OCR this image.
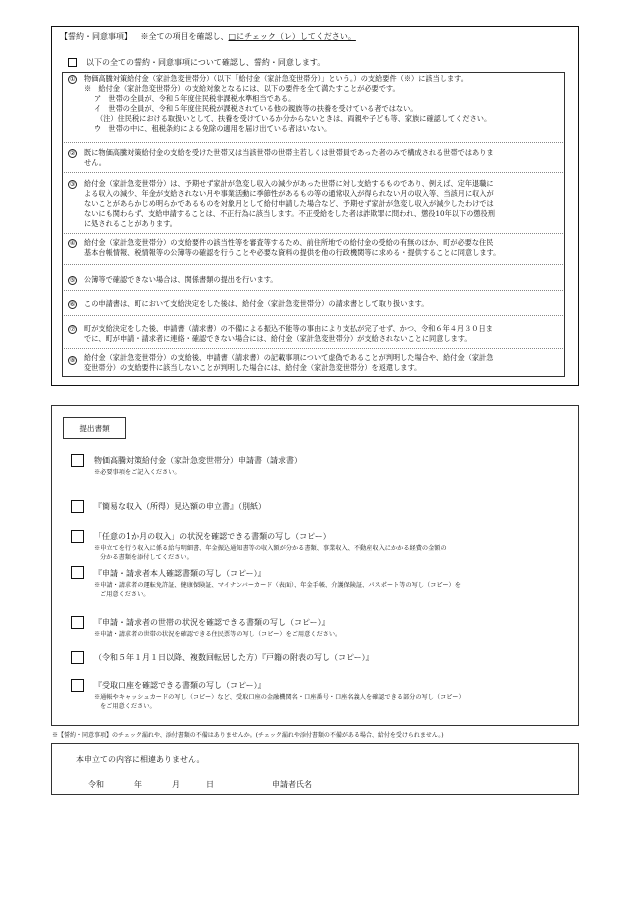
【誓約・同意事項】 ※全ての項目を確認し、□にチェック（レ）してください。
以下の全ての誓約・同意事項について確認し、誓約・同意します。
① 物価高騰対策給付金（家計急変世帯分）（以下「給付金（家計急変世帯分）」という。）の支給要件（※）に該当します。
※　給付金（家計急変世帯分）の支給対象となるには、以下の要件を全て満たすことが必要です。
ア　世帯の全員が、令和５年度住民税非課税水準相当である。
イ　世帯の全員が、令和５年度住民税が課税されている他の親族等の扶養を受けている者ではない。
（注）住民税における取扱いとして、扶養を受けているか分からないときは、両親や子ども等、家族に確認してください。
ウ　世帯の中に、租税条約による免除の適用を届け出ている者はいない。
② 既に物価高騰対策給付金の支給を受けた世帯又は当該世帯の世帯主若しくは世帯員であった者のみで構成される世帯ではありま
せん。
③ 給付金（家計急変世帯分）は、予期せず家計が急変し収入の減少があった世帯に対し支給するものであり、例えば、定年退職に
よる収入の減少、年金が支給されない月や事業活動に季節性があるもの等の通常収入が得られない月の収入等、当該月に収入が
ないことがあらかじめ明らかであるものを対象月として給付申請した場合など、予期せず家計が急変し収入が減少したわけでは
ないにも関わらず、支給申請することは、不正行為に該当します。不正受給をした者は詐欺罪に問われ、懲役10年以下の懲役刑
に処されることがあります。
④ 給付金（家計急変世帯分）の支給要件の該当性等を審査等するため、前住所地での給付金の受給の有無のほか、町が必要な住民
基本台帳情報、税情報等の公簿等の確認を行うことや必要な資料の提供を他の行政機関等に求める・提供することに同意します。
⑤ 公簿等で確認できない場合は、関係書類の提出を行います。
⑥ この申請書は、町において支給決定をした後は、給付金（家計急変世帯分）の請求書として取り扱います。
⑦ 町が支給決定をした後、申請書（請求書）の不備による振込不能等の事由により支払が完了せず、かつ、令和６年４月３０日ま
でに、町が申請・請求者に連絡・確認できない場合には、給付金（家計急変世帯分）が支給されないことに同意します。
⑧ 給付金（家計急変世帯分）の支給後、申請書（請求書）の記載事項について虚偽であることが判明した場合や、給付金（家計急
変世帯分）の支給要件に該当しないことが判明した場合には、給付金（家計急変世帯分）を返還します。
提出書類
物価高騰対策給付金（家計急変世帯分）申請書（請求書）
※必要事項をご記入ください。
『簡易な収入（所得）見込額の申立書』（別紙）
「任意の1か月の収入」の状況を確認できる書類の写し（コピー）
※申立てを行う収入に係る給与明細書、年金振込通知書等の収入額が分かる書類、事業収入、不動産収入にかかる経費の金額の
分かる書類を添付してください。
『申請・請求者本人確認書類の写し（コピー）』
※申請・請求者の運転免許証、健康保険証、マイナンバーカード（表面）、年金手帳、介護保険証、パスポート等の写し（コピー）を
ご用意ください。
『申請・請求者の世帯の状況を確認できる書類の写し（コピー）』
※申請・請求者の世帯の状況を確認できる住民票等の写し（コピー）をご用意ください。
（令和５年１月１日以降、複数回転居した方）『戸籍の附表の写し（コピー）』
『受取口座を確認できる書類の写し（コピー）』
※通帳やキャッシュカードの写し（コピー）など、受取口座の金融機関名・口座番号・口座名義人を確認できる部分の写し（コピー）
をご用意ください。
※【誓約・同意事項】のチェック漏れや、添付書類の不備はありませんか。(チェック漏れや添付書類の不備がある場合、給付を受けられません。)
本申立ての内容に相違ありません。
令和	年	月	日	申請者氏名
